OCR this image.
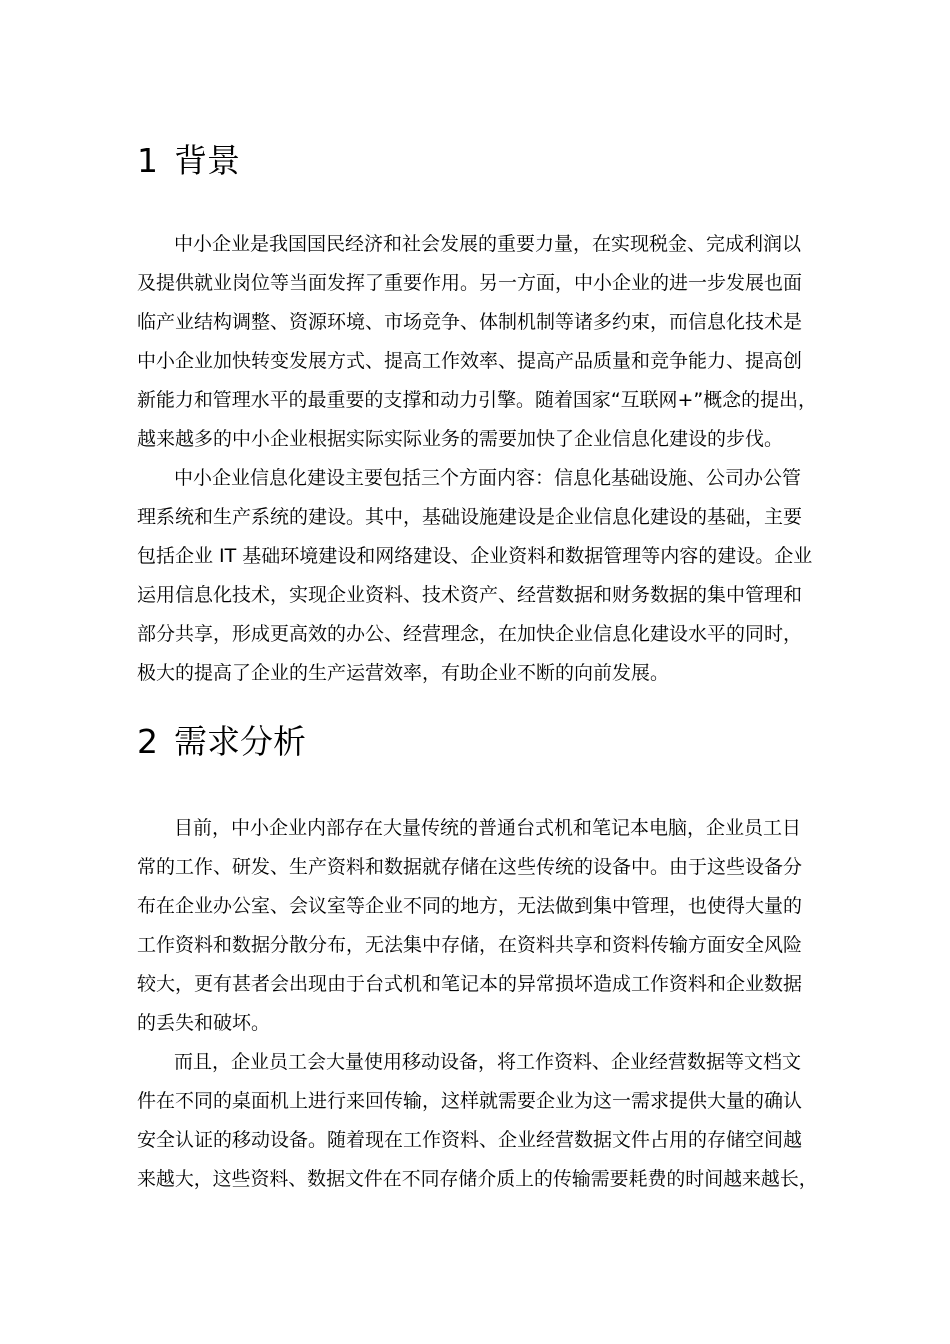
1 背景

中小企业是我国国民经济和社会发展的重要力量，在实现税金、完成利润以

及提供就业岗位等当面发挥了重要作用。另一方面，中小企业的进一步发展也面

临产业结构调整、资源环境、市场竞争、体制机制等诸多约束，而信息化技术是

中小企业加快转变发展方式、提高工作效率、提高产品质量和竞争能力、提高创

新能力和管理水平的最重要的支撑和动力引擎。随着国家“互联网+”概念的提出，

越来越多的中小企业根据实际实际业务的需要加快了企业信息化建设的步伐。

中小企业信息化建设主要包括三个方面内容：信息化基础设施、公司办公管

理系统和生产系统的建设。其中，基础设施建设是企业信息化建设的基础，主要

包括企业 IT 基础环境建设和网络建设、企业资料和数据管理等内容的建设。企业

运用信息化技术，实现企业资料、技术资产、经营数据和财务数据的集中管理和

部分共享，形成更高效的办公、经营理念，在加快企业信息化建设水平的同时，

极大的提高了企业的生产运营效率，有助企业不断的向前发展。

2 需求分析

目前，中小企业内部存在大量传统的普通台式机和笔记本电脑，企业员工日

常的工作、研发、生产资料和数据就存储在这些传统的设备中。由于这些设备分

布在企业办公室、会议室等企业不同的地方，无法做到集中管理，也使得大量的

工作资料和数据分散分布，无法集中存储，在资料共享和资料传输方面安全风险

较大，更有甚者会出现由于台式机和笔记本的异常损坏造成工作资料和企业数据

的丢失和破坏。

而且，企业员工会大量使用移动设备，将工作资料、企业经营数据等文档文

件在不同的桌面机上进行来回传输，这样就需要企业为这一需求提供大量的确认

安全认证的移动设备。随着现在工作资料、企业经营数据文件占用的存储空间越

来越大，这些资料、数据文件在不同存储介质上的传输需要耗费的时间越来越长，
